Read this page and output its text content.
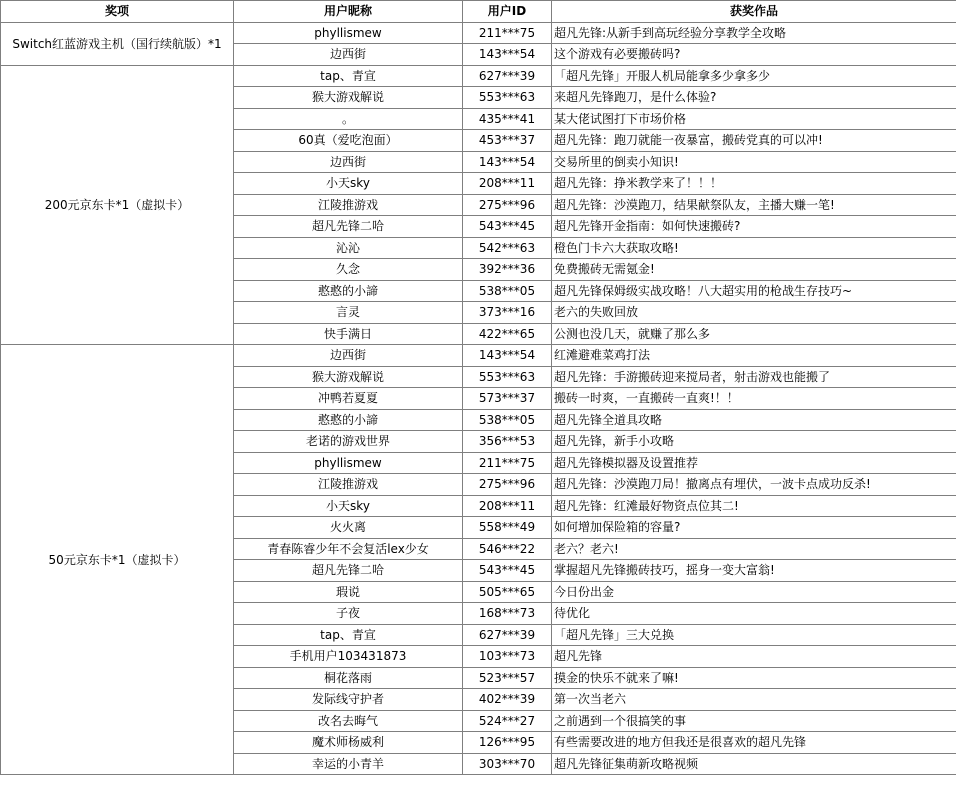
奖项	用户昵称	用户ID	获奖作品
Switch红蓝游戏主机（国行续航版）*1	phyllismew	211***75	超凡先锋:从新手到高玩经验分享教学全攻略
	边西街	143***54	这个游戏有必要搬砖吗?
200元京东卡*1（虚拟卡）	tap、青宣	627***39	「超凡先锋」开服人机局能拿多少拿多少
	猴大游戏解说	553***63	来超凡先锋跑刀，是什么体验?
	。	435***41	某大佬试图打下市场价格
	60真（爱吃泡面）	453***37	超凡先锋：跑刀就能一夜暴富，搬砖党真的可以冲!
	边西街	143***54	交易所里的倒卖小知识!
	小天sky	208***11	超凡先锋：挣米教学来了！！！
	江陵推游戏	275***96	超凡先锋：沙漠跑刀，结果献祭队友，主播大赚一笔!
	超凡先锋二哈	543***45	超凡先锋开金指南：如何快速搬砖?
	沁沁	542***63	橙色门卡六大获取攻略!
	久念	392***36	免费搬砖无需氪金!
	憨憨的小諦	538***05	超凡先锋保姆级实战攻略！八大超实用的枪战生存技巧~
	言灵	373***16	老六的失败回放
	快手满日	422***65	公测也没几天，就赚了那么多
50元京东卡*1（虚拟卡）	边西街	143***54	红滩避难菜鸡打法
	猴大游戏解说	553***63	超凡先锋：手游搬砖迎来搅局者，射击游戏也能搬了
	冲鸭若夏夏	573***37	搬砖一时爽，一直搬砖一直爽!！！
	憨憨的小諦	538***05	超凡先锋全道具攻略
	老诺的游戏世界	356***53	超凡先锋，新手小攻略
	phyllismew	211***75	超凡先锋模拟器及设置推荐
	江陵推游戏	275***96	超凡先锋：沙漠跑刀局！撤离点有埋伏，一波卡点成功反杀!
	小天sky	208***11	超凡先锋：红滩最好物资点位其二!
	火火离	558***49	如何增加保险箱的容量?
	青春陈睿少年不会复活lex少女	546***22	老六？老六!
	超凡先锋二哈	543***45	掌握超凡先锋搬砖技巧，摇身一变大富翁!
	瑕说	505***65	今日份出金
	子夜	168***73	待优化
	tap、青宣	627***39	「超凡先锋」三大兑换
	手机用户103431873	103***73	超凡先锋
	桐花落雨	523***57	摸金的快乐不就来了嘛!
	发际线守护者	402***39	第一次当老六
	改名去晦气	524***27	之前遇到一个很搞笑的事
	魔术师杨威利	126***95	有些需要改进的地方但我还是很喜欢的超凡先锋
	幸运的小青羊	303***70	超凡先锋征集萌新攻略视频
